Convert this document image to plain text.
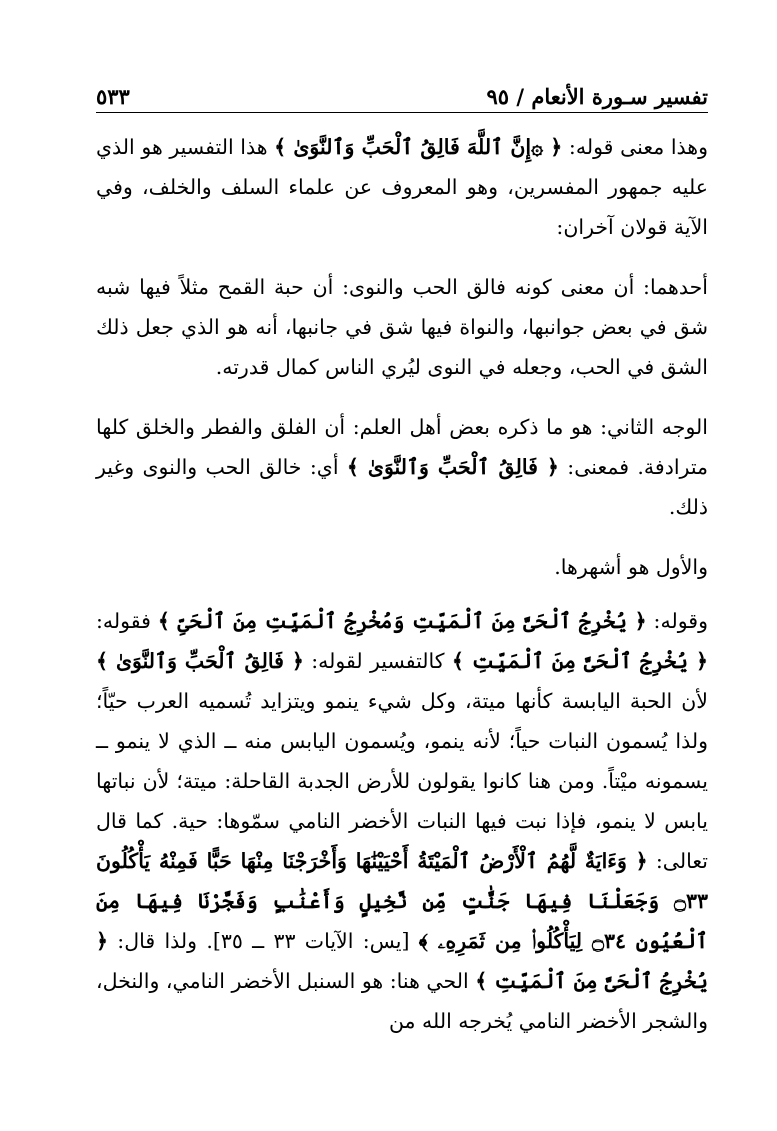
تفسير سـورة الأنعام / ٩٥
٥٣٣

وهذا معنى قوله: ﴿ ۞إِنَّ ٱللَّهَ فَالِقُ ٱلْحَبِّ وَٱلنَّوَىٰ ﴾ هذا التفسير هو الذي عليه جمهور المفسرين، وهو المعروف عن علماء السلف والخلف، وفي الآية قولان آخران:

أحدهما: أن معنى كونه فالق الحب والنوى: أن حبة القمح مثلاً فيها شبه شق في بعض جوانبها، والنواة فيها شق في جانبها، أنه هو الذي جعل ذلك الشق في الحب، وجعله في النوى ليُري الناس كمال قدرته.

الوجه الثاني: هو ما ذكره بعض أهل العلم: أن الفلق والفطر والخلق كلها مترادفة. فمعنى: ﴿ فَالِقُ ٱلْحَبِّ وَٱلنَّوَىٰ ﴾ أي: خالق الحب والنوى وغير ذلك.

والأول هو أشهرها.

وقوله: ﴿ يُخْرِجُ ٱلْحَىَّ مِنَ ٱلْمَيِّتِ وَمُخْرِجُ ٱلْمَيِّتِ مِنَ ٱلْحَىِّ ﴾ فقوله: ﴿ يُخْرِجُ ٱلْحَىَّ مِنَ ٱلْمَيِّتِ ﴾ كالتفسير لقوله: ﴿ فَالِقُ ٱلْحَبِّ وَٱلنَّوَىٰ ﴾ لأن الحبة اليابسة كأنها ميتة، وكل شيء ينمو ويتزايد تُسميه العرب حيّاً؛ ولذا يُسمون النبات حياً؛ لأنه ينمو، ويُسمون اليابس منه ــ الذي لا ينمو ــ يسمونه ميْتاً. ومن هنا كانوا يقولون للأرض الجدبة القاحلة: ميتة؛ لأن نباتها يابس لا ينمو، فإذا نبت فيها النبات الأخضر النامي سمّوها: حية. كما قال تعالى: ﴿ وَءَايَةٌ لَّهُمُ ٱلْأَرْضُ ٱلْمَيْتَةُ أَحْيَيْنَٰهَا وَأَخْرَجْنَا مِنْهَا حَبًّا فَمِنْهُ يَأْكُلُونَ ۝٣٣ وَجَعَلْنَا فِيهَا جَنَّٰتٍ مِّن نَّخِيلٍ وَأَعْنَٰبٍ وَفَجَّرْنَا فِيهَا مِنَ ٱلْعُيُونِ ۝٣٤ لِيَأْكُلُوا۟ مِن ثَمَرِهِۦ ﴾ [يس: الآيات ٣٣ ــ ٣٥]. ولذا قال: ﴿ يُخْرِجُ ٱلْحَىَّ مِنَ ٱلْمَيِّتِ ﴾ الحي هنا: هو السنبل الأخضر النامي، والنخل، والشجر الأخضر النامي يُخرجه الله من
